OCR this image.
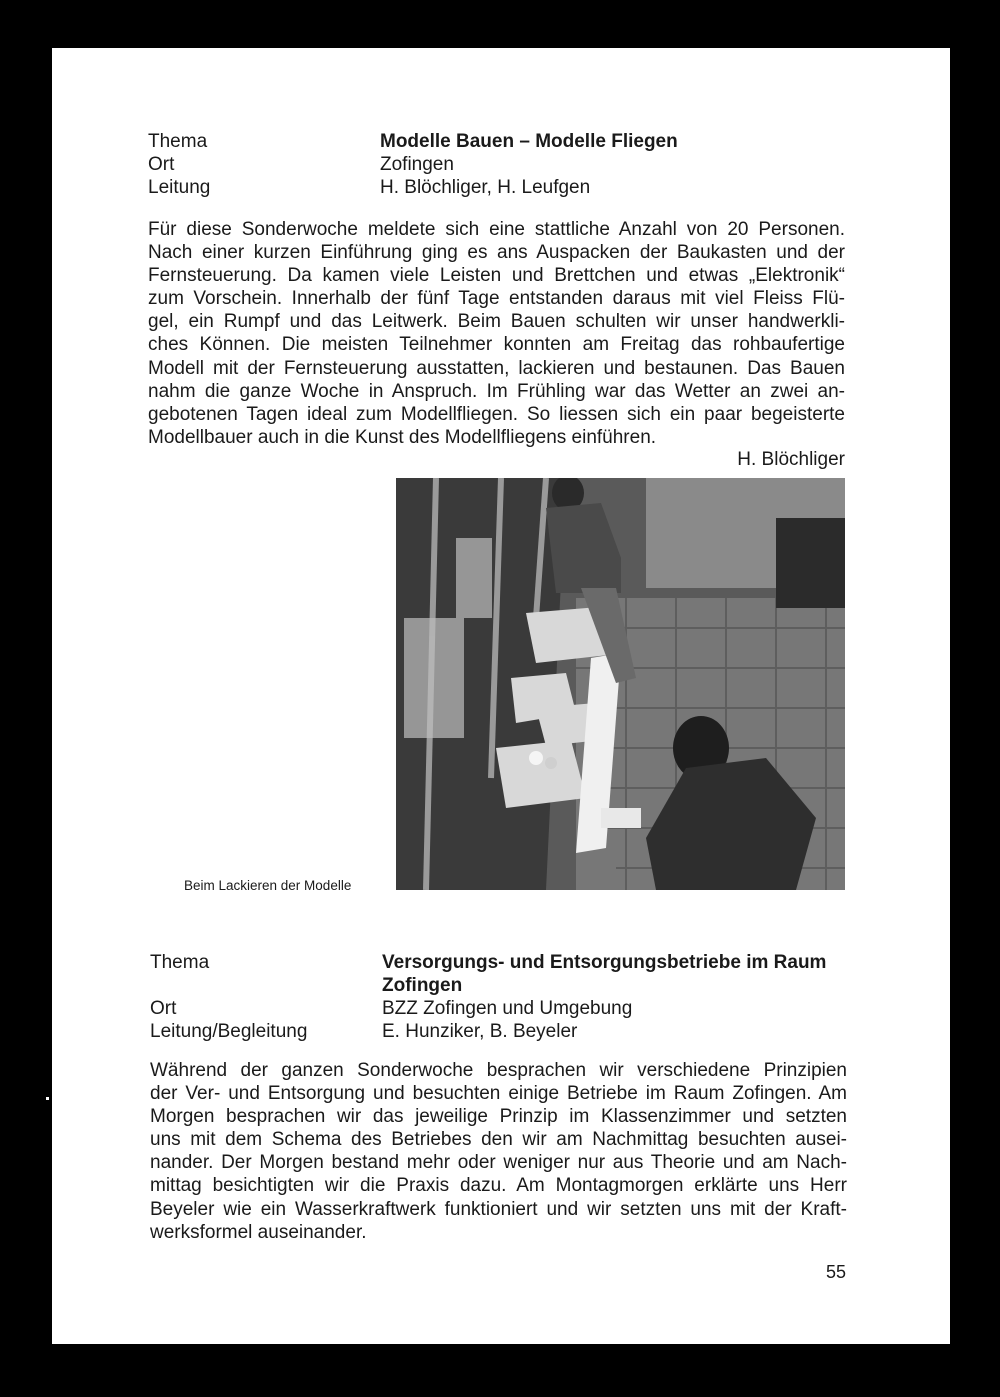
Thema	Modelle Bauen – Modelle Fliegen
Ort	Zofingen
Leitung	H. Blöchliger, H. Leufgen
Für diese Sonderwoche meldete sich eine stattliche Anzahl von 20 Personen.
Nach einer kurzen Einführung ging es ans Auspacken der Baukasten und der
Fernsteuerung. Da kamen viele Leisten und Brettchen und etwas „Elektronik“
zum Vorschein. Innerhalb der fünf Tage entstanden daraus mit viel Fleiss Flü-
gel, ein Rumpf und das Leitwerk. Beim Bauen schulten wir unser handwerkli-
ches Können. Die meisten Teilnehmer konnten am Freitag das rohbaufertige
Modell mit der Fernsteuerung ausstatten, lackieren und bestaunen. Das Bauen
nahm die ganze Woche in Anspruch. Im Frühling war das Wetter an zwei an-
gebotenen Tagen ideal zum Modellfliegen. So liessen sich ein paar begeisterte
Modellbauer auch in die Kunst des Modellfliegens einführen.
H. Blöchliger
Beim Lackieren der Modelle
Thema	Versorgungs- und Entsorgungsbetriebe im Raum
Zofingen
Ort	BZZ Zofingen und Umgebung
Leitung/Begleitung	E. Hunziker, B. Beyeler
Während der ganzen Sonderwoche besprachen wir verschiedene Prinzipien
der Ver- und Entsorgung und besuchten einige Betriebe im Raum Zofingen. Am
Morgen besprachen wir das jeweilige Prinzip im Klassenzimmer und setzten
uns mit dem Schema des Betriebes den wir am Nachmittag besuchten ausei-
nander. Der Morgen bestand mehr oder weniger nur aus Theorie und am Nach-
mittag besichtigten wir die Praxis dazu. Am Montagmorgen erklärte uns Herr
Beyeler wie ein Wasserkraftwerk funktioniert und wir setzten uns mit der Kraft-
werksformel auseinander.
55
